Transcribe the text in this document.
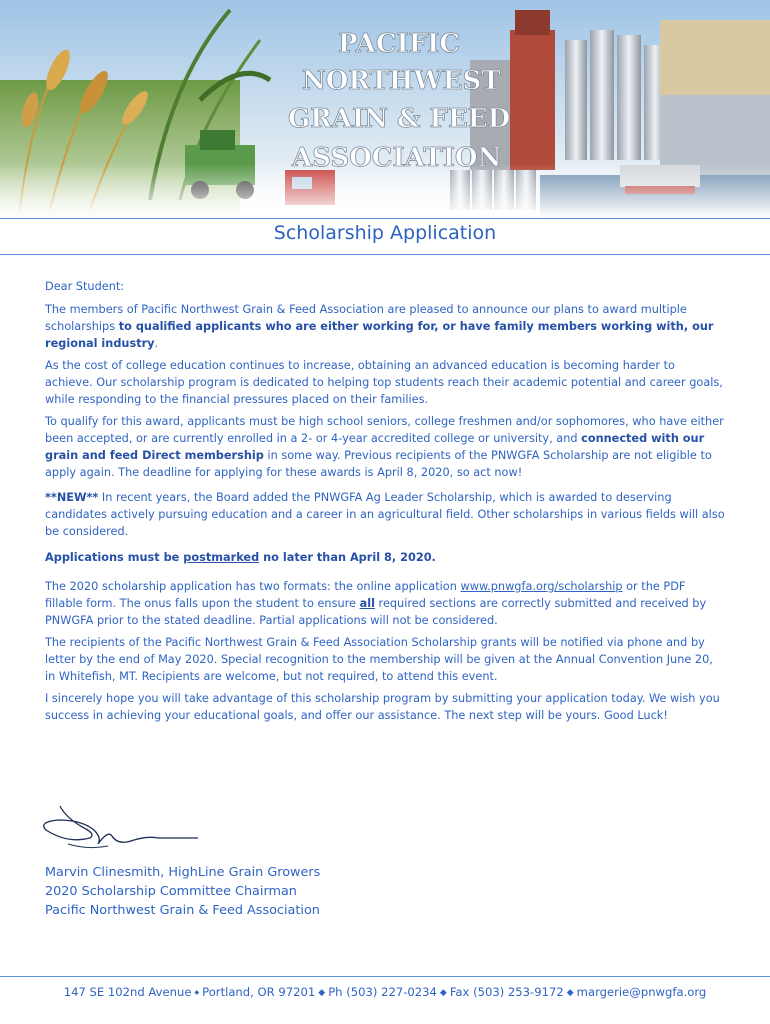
Scholarship Application

Dear Student:

The members of Pacific Northwest Grain & Feed Association are pleased to announce our plans to award multiple scholarships to qualified applicants who are either working for, or have family members working with, our regional industry.

As the cost of college education continues to increase, obtaining an advanced education is becoming harder to achieve. Our scholarship program is dedicated to helping top students reach their academic potential and career goals, while responding to the financial pressures placed on their families.

To qualify for this award, applicants must be high school seniors, college freshmen and/or sophomores, who have either been accepted, or are currently enrolled in a 2- or 4-year accredited college or university, and connected with our grain and feed Direct membership in some way. Previous recipients of the PNWGFA Scholarship are not eligible to apply again. The deadline for applying for these awards is April 8, 2020, so act now!

**NEW** In recent years, the Board added the PNWGFA Ag Leader Scholarship, which is awarded to deserving candidates actively pursuing education and a career in an agricultural field. Other scholarships in various fields will also be considered.

Applications must be postmarked no later than April 8, 2020.

The 2020 scholarship application has two formats: the online application www.pnwgfa.org/scholarship or the PDF fillable form. The onus falls upon the student to ensure all required sections are correctly submitted and received by PNWGFA prior to the stated deadline. Partial applications will not be considered.

The recipients of the Pacific Northwest Grain & Feed Association Scholarship grants will be notified via phone and by letter by the end of May 2020. Special recognition to the membership will be given at the Annual Convention June 20, in Whitefish, MT. Recipients are welcome, but not required, to attend this event.

I sincerely hope you will take advantage of this scholarship program by submitting your application today. We wish you success in achieving your educational goals, and offer our assistance. The next step will be yours. Good Luck!

Marvin Clinesmith, HighLine Grain Growers
2020 Scholarship Committee Chairman
Pacific Northwest Grain & Feed Association
147 SE 102nd Avenue ◆ Portland, OR 97201 ◆ Ph (503) 227-0234 ◆ Fax (503) 253-9172 ◆ margerie@pnwgfa.org
